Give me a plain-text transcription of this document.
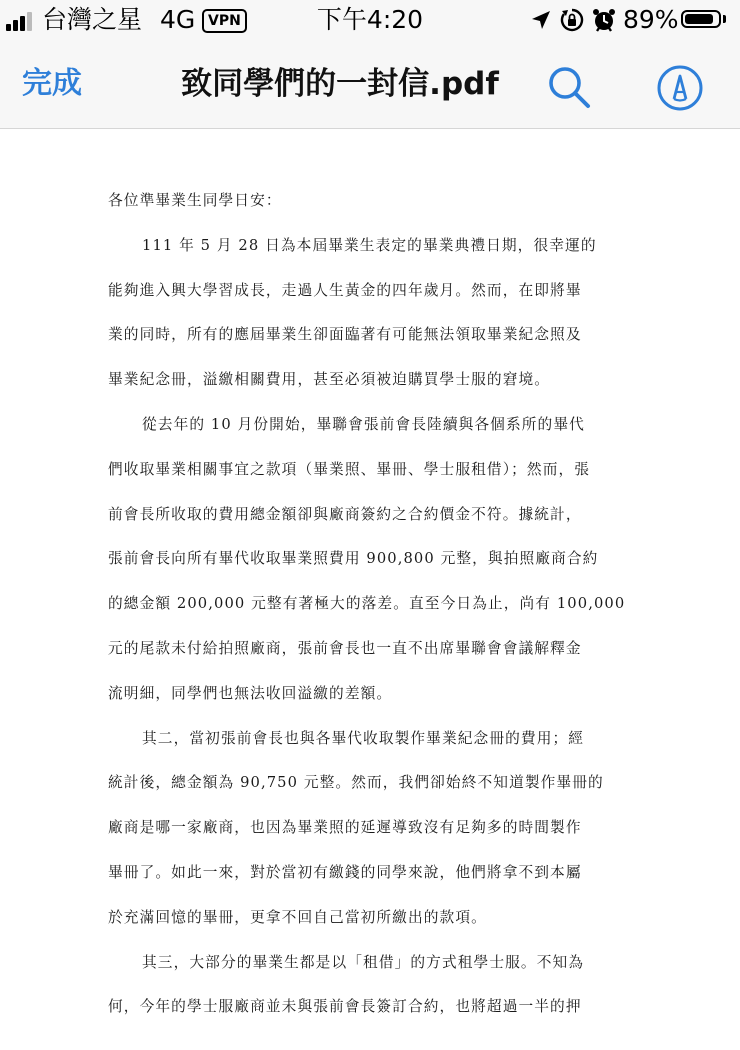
台灣之星 4G VPN	下午4:20	89%
完成	致同學們的一封信.pdf
各位準畢業生同學日安：
111 年 5 月 28 日為本屆畢業生表定的畢業典禮日期，很幸運的
能夠進入興大學習成長，走過人生黃金的四年歲月。然而，在即將畢
業的同時，所有的應屆畢業生卻面臨著有可能無法領取畢業紀念照及
畢業紀念冊，溢繳相關費用，甚至必須被迫購買學士服的窘境。
從去年的 10 月份開始，畢聯會張前會長陸續與各個系所的畢代
們收取畢業相關事宜之款項（畢業照、畢冊、學士服租借）；然而，張
前會長所收取的費用總金額卻與廠商簽約之合約價金不符。據統計，
張前會長向所有畢代收取畢業照費用 900,800 元整，與拍照廠商合約
的總金額 200,000 元整有著極大的落差。直至今日為止，尚有 100,000
元的尾款未付給拍照廠商，張前會長也一直不出席畢聯會會議解釋金
流明細，同學們也無法收回溢繳的差額。
其二，當初張前會長也與各畢代收取製作畢業紀念冊的費用；經
統計後，總金額為 90,750 元整。然而，我們卻始終不知道製作畢冊的
廠商是哪一家廠商，也因為畢業照的延遲導致沒有足夠多的時間製作
畢冊了。如此一來，對於當初有繳錢的同學來說，他們將拿不到本屬
於充滿回憶的畢冊，更拿不回自己當初所繳出的款項。
其三，大部分的畢業生都是以「租借」的方式租學士服。不知為
何，今年的學士服廠商並未與張前會長簽訂合約，也將超過一半的押
